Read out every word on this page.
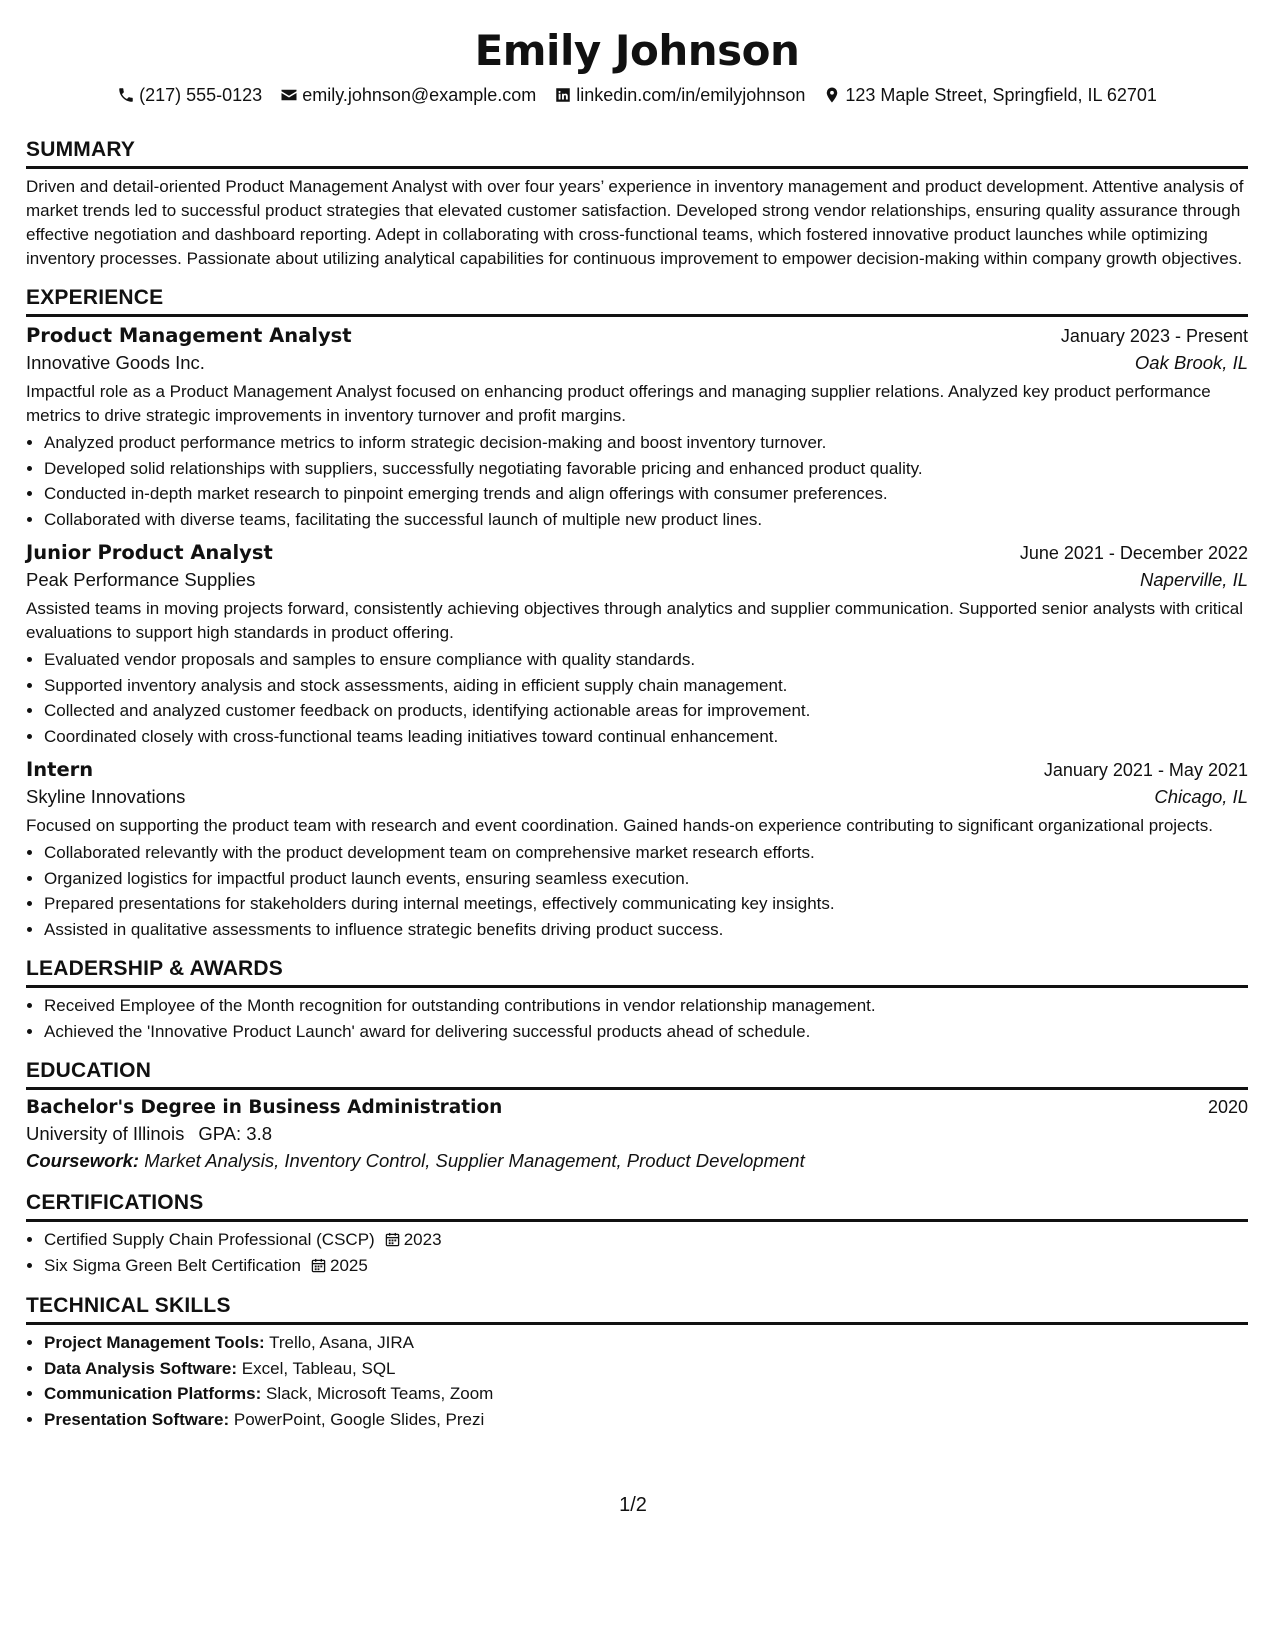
Emily Johnson
(217) 555-0123 emily.johnson@example.com linkedin.com/in/emilyjohnson 123 Maple Street, Springfield, IL 62701
SUMMARY
Driven and detail-oriented Product Management Analyst with over four years’ experience in inventory management and product development. Attentive analysis of market trends led to successful product strategies that elevated customer satisfaction. Developed strong vendor relationships, ensuring quality assurance through effective negotiation and dashboard reporting. Adept in collaborating with cross-functional teams, which fostered innovative product launches while optimizing inventory processes. Passionate about utilizing analytical capabilities for continuous improvement to empower decision-making within company growth objectives.
EXPERIENCE
Product Management Analyst	January 2023 - Present
Innovative Goods Inc.	Oak Brook, IL
Impactful role as a Product Management Analyst focused on enhancing product offerings and managing supplier relations. Analyzed key product performance metrics to drive strategic improvements in inventory turnover and profit margins.
• Analyzed product performance metrics to inform strategic decision-making and boost inventory turnover.
• Developed solid relationships with suppliers, successfully negotiating favorable pricing and enhanced product quality.
• Conducted in-depth market research to pinpoint emerging trends and align offerings with consumer preferences.
• Collaborated with diverse teams, facilitating the successful launch of multiple new product lines.
Junior Product Analyst	June 2021 - December 2022
Peak Performance Supplies	Naperville, IL
Assisted teams in moving projects forward, consistently achieving objectives through analytics and supplier communication. Supported senior analysts with critical evaluations to support high standards in product offering.
• Evaluated vendor proposals and samples to ensure compliance with quality standards.
• Supported inventory analysis and stock assessments, aiding in efficient supply chain management.
• Collected and analyzed customer feedback on products, identifying actionable areas for improvement.
• Coordinated closely with cross-functional teams leading initiatives toward continual enhancement.
Intern	January 2021 - May 2021
Skyline Innovations	Chicago, IL
Focused on supporting the product team with research and event coordination. Gained hands-on experience contributing to significant organizational projects.
• Collaborated relevantly with the product development team on comprehensive market research efforts.
• Organized logistics for impactful product launch events, ensuring seamless execution.
• Prepared presentations for stakeholders during internal meetings, effectively communicating key insights.
• Assisted in qualitative assessments to influence strategic benefits driving product success.
LEADERSHIP & AWARDS
• Received Employee of the Month recognition for outstanding contributions in vendor relationship management.
• Achieved the 'Innovative Product Launch' award for delivering successful products ahead of schedule.
EDUCATION
Bachelor's Degree in Business Administration	2020
University of Illinois GPA: 3.8
Coursework: Market Analysis, Inventory Control, Supplier Management, Product Development
CERTIFICATIONS
• Certified Supply Chain Professional (CSCP) 2023
• Six Sigma Green Belt Certification 2025
TECHNICAL SKILLS
• Project Management Tools: Trello, Asana, JIRA
• Data Analysis Software: Excel, Tableau, SQL
• Communication Platforms: Slack, Microsoft Teams, Zoom
• Presentation Software: PowerPoint, Google Slides, Prezi
1/2
